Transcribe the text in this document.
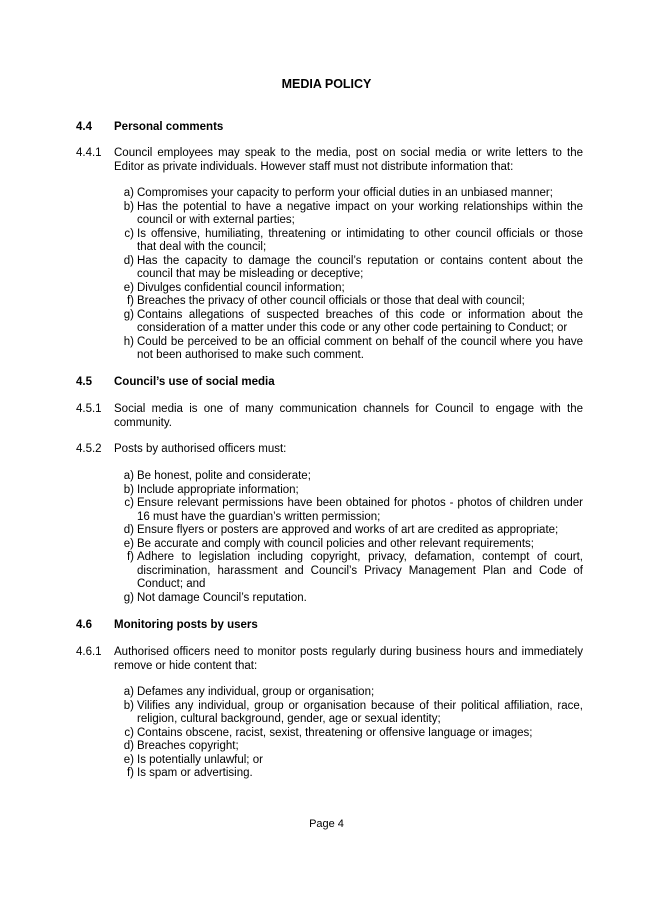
MEDIA POLICY
4.4 Personal comments
4.4.1 Council employees may speak to the media, post on social media or write letters to the Editor as private individuals. However staff must not distribute information that:
a) Compromises your capacity to perform your official duties in an unbiased manner;
b) Has the potential to have a negative impact on your working relationships within the council or with external parties;
c) Is offensive, humiliating, threatening or intimidating to other council officials or those that deal with the council;
d) Has the capacity to damage the council’s reputation or contains content about the council that may be misleading or deceptive;
e) Divulges confidential council information;
f) Breaches the privacy of other council officials or those that deal with council;
g) Contains allegations of suspected breaches of this code or information about the consideration of a matter under this code or any other code pertaining to Conduct; or
h) Could be perceived to be an official comment on behalf of the council where you have not been authorised to make such comment.
4.5 Council’s use of social media
4.5.1 Social media is one of many communication channels for Council to engage with the community.
4.5.2 Posts by authorised officers must:
a) Be honest, polite and considerate;
b) Include appropriate information;
c) Ensure relevant permissions have been obtained for photos - photos of children under 16 must have the guardian’s written permission;
d) Ensure flyers or posters are approved and works of art are credited as appropriate;
e) Be accurate and comply with council policies and other relevant requirements;
f) Adhere to legislation including copyright, privacy, defamation, contempt of court, discrimination, harassment and Council’s Privacy Management Plan and Code of Conduct; and
g) Not damage Council’s reputation.
4.6 Monitoring posts by users
4.6.1 Authorised officers need to monitor posts regularly during business hours and immediately remove or hide content that:
a) Defames any individual, group or organisation;
b) Vilifies any individual, group or organisation because of their political affiliation, race, religion, cultural background, gender, age or sexual identity;
c) Contains obscene, racist, sexist, threatening or offensive language or images;
d) Breaches copyright;
e) Is potentially unlawful; or
f) Is spam or advertising.
Page 4
